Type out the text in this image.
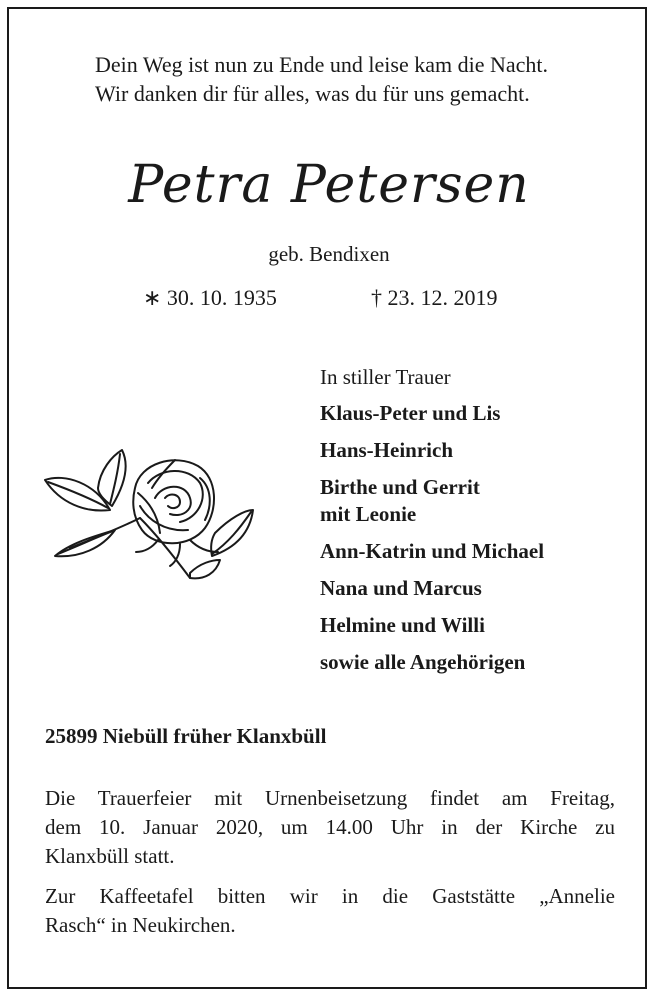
Dein Weg ist nun zu Ende und leise kam die Nacht.
Wir danken dir für alles, was du für uns gemacht.
Petra Petersen
geb. Bendixen
∗ 30. 10. 1935	† 23. 12. 2019
In stiller Trauer
Klaus-Peter und Lis
Hans-Heinrich
Birthe und Gerrit
mit Leonie
Ann-Katrin und Michael
Nana und Marcus
Helmine und Willi
sowie alle Angehörigen
25899 Niebüll früher Klanxbüll
Die Trauerfeier mit Urnenbeisetzung findet am Freitag,
dem 10. Januar 2020, um 14.00 Uhr in der Kirche zu
Klanxbüll statt.
Zur Kaffeetafel bitten wir in die Gaststätte „Annelie
Rasch“ in Neukirchen.
